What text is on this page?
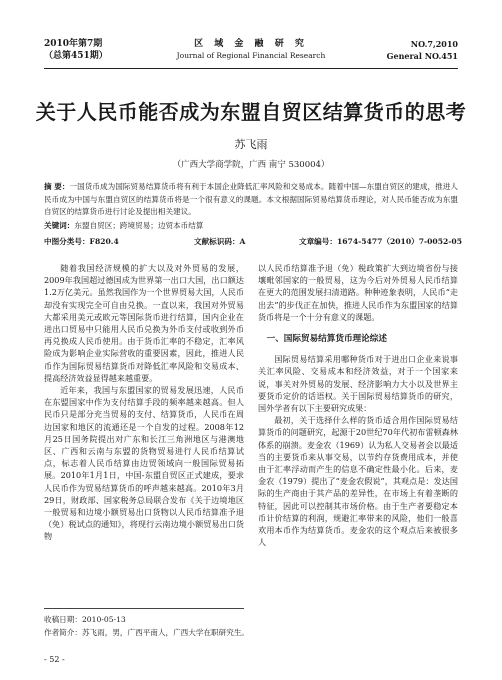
2010年第7期
（总第451期）
区 域 金 融 研 究
Journal of Regional Financial Research
NO.7,2010
General NO.451
关于人民币能否成为东盟自贸区结算货币的思考
苏飞雨
（广西大学商学院，广西 南宁 530004）
摘 要：一国货币成为国际贸易结算货币将有利于本国企业降低汇率风险和交易成本。随着中国—东盟自贸区的建成，推进人民币成为中国与东盟自贸区的结算货币将是一个很有意义的课题。本文根据国际贸易结算货币理论，对人民币能否成为东盟自贸区的结算货币进行讨论及提出相关建议。
关键词：东盟自贸区；跨境贸易；边贸本币结算
中图分类号：F820.4	文献标识码：A	文章编号：1674-5477（2010）7-0052-05

随着我国经济规模的扩大以及对外贸易的发展，2009年我国超过德国成为世界第一出口大国，出口额达1.2万亿美元。虽然我国作为一个世界贸易大国，人民币却没有实现完全可自由兑换。一直以来，我国对外贸易大都采用美元或欧元等国际货币进行结算，国内企业在进出口贸易中只能用人民币兑换为外币支付或收到外币再兑换成人民币使用。由于货币汇率的不稳定，汇率风险成为影响企业实际营收的重要因素，因此，推进人民币作为国际贸易结算货币对降低汇率风险和交易成本、提高经济效益显得越来越重要。

近年来，我国与东盟国家的贸易发展迅速，人民币在东盟国家中作为支付结算手段的频率越来越高。但人民币只是部分充当贸易的支付、结算货币，人民币在周边国家和地区的流通还是一个自发的过程。2008年12月25日国务院提出对广东和长江三角洲地区与港澳地区、广西和云南与东盟的货物贸易进行人民币结算试点，标志着人民币结算由边贸领域向一般国际贸易拓展。2010年1月1日，中国-东盟自贸区正式建成，要求人民币作为贸易结算货币的呼声越来越高。2010年3月29日，财政部、国家税务总局联合发布《关于边境地区一般贸易和边境小额贸易出口货物以人民币结算准予退（免）税试点的通知》，将现行云南边境小额贸易出口货物

以人民币结算准予退（免）税政策扩大到边境省份与接壤毗邻国家的一般贸易，这为今后对外贸易人民币结算在更大的范围发展扫清道路。种种迹象表明，人民币“走出去”的步伐正在加快，推进人民币作为东盟国家的结算货币将是一个十分有意义的课题。

一、国际贸易结算货币理论综述

国际贸易结算采用哪种货币对于进出口企业来说事关汇率风险、交易成本和经济效益，对于一个国家来说，事关对外贸易的发展、经济影响力大小以及世界主要货币定价的话语权。关于国际贸易结算货币的研究，国外学者有以下主要研究成果：

最初，关于选择什么样的货币适合用作国际贸易结算货币的问题研究，起源于20世纪70年代初布雷顿森林体系的崩溃。麦金农（1969）认为私人交易者会以最适当的主要货币来从事交易，以节约存货费用成本，并使由于汇率浮动而产生的信息不确定性最小化。后来，麦金农（1979）提出了“麦金农假说”，其观点是：发达国际的生产商由于其产品的差异性，在市场上有着垄断的特征，因此可以控制其市场价格。由于生产者要稳定本币计价结算的利润，规避汇率带来的风险，他们一般喜欢用本币作为结算货币。麦金农的这个观点后来被很多人

收稿日期：2010-05-13
作者简介：苏飞雨，男，广西平南人，广西大学在职研究生。
- 52 -
